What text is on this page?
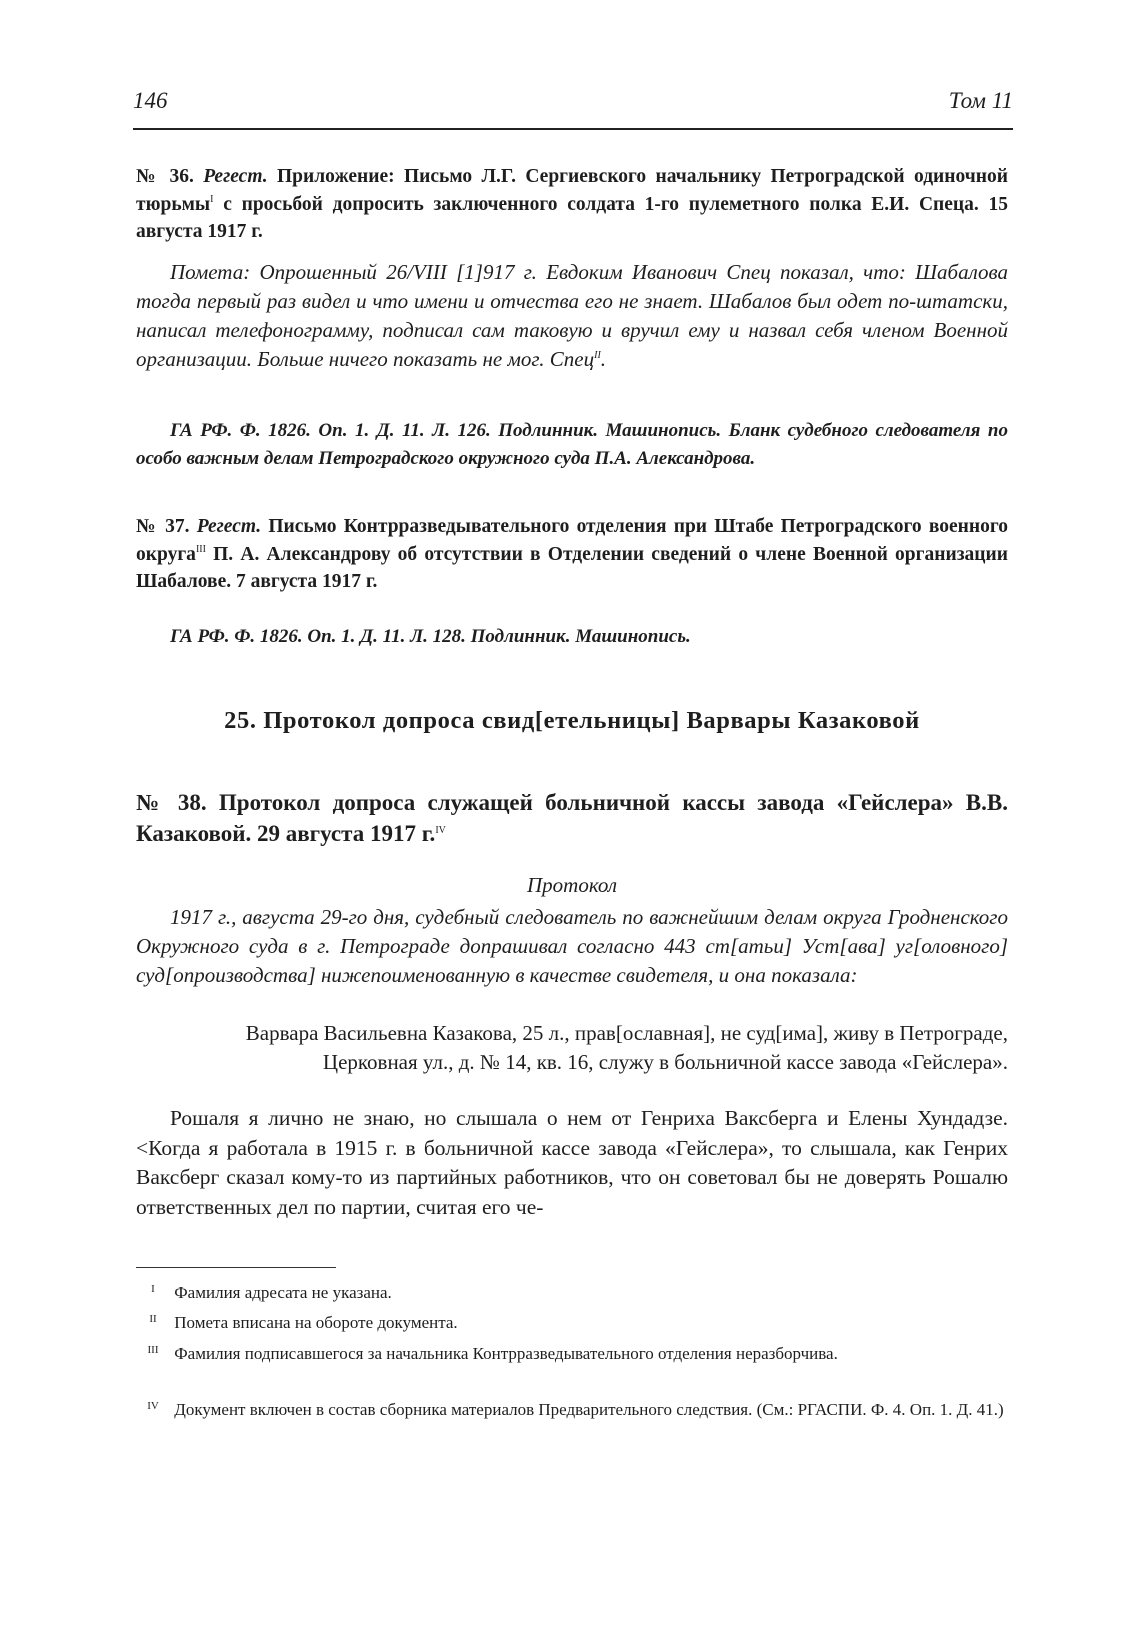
146	Том 11
№ 36. Регест. Приложение: Письмо Л.Г. Сергиевского начальнику Петроградской одиночной тюрьмы$^I$ с просьбой допросить заключенного солдата 1-го пулеметного полка Е.И. Спеца. 15 августа 1917 г.
Помета: Опрошенный 26/VIII [1]917 г. Евдоким Иванович Спец показал, что: Шабалова тогда первый раз видел и что имени и отчества его не знает. Шабалов был одет по-штатски, написал телефонограмму, подписал сам таковую и вручил ему и назвал себя членом Военной организации. Больше ничего показать не мог. Спец$^{II}$.
ГА РФ. Ф. 1826. Оп. 1. Д. 11. Л. 126. Подлинник. Машинопись. Бланк судебного следователя по особо важным делам Петроградского окружного суда П.А. Александрова.
№ 37. Регест. Письмо Контрразведывательного отделения при Штабе Петроградского военного округа$^{III}$ П. А. Александрову об отсутствии в Отделении сведений о члене Военной организации Шабалове. 7 августа 1917 г.
ГА РФ. Ф. 1826. Оп. 1. Д. 11. Л. 128. Подлинник. Машинопись.
25. Протокол допроса свид[етельницы] Варвары Казаковой
№ 38. Протокол допроса служащей больничной кассы завода «Гейслера» В.В. Казаковой. 29 августа 1917 г.$^{IV}$
Протокол
1917 г., августа 29-го дня, судебный следователь по важнейшим делам округа Гродненского Окружного суда в г. Петрограде допрашивал согласно 443 ст[атьи] Уст[ава] уг[оловного] суд[опроизводства] нижепоименованную в качестве свидетеля, и она показала:
Варвара Васильевна Казакова, 25 л., прав[ославная], не суд[има], живу в Петрограде, Церковная ул., д. № 14, кв. 16, служу в больничной кассе завода «Гейслера».
Рошаля я лично не знаю, но слышала о нем от Генриха Ваксберга и Елены Хундадзе. <Когда я работала в 1915 г. в больничной кассе завода «Гейслера», то слышала, как Генрих Ваксберг сказал кому-то из партийных работников, что он советовал бы не доверять Рошалю ответственных дел по партии, считая его че-
I Фамилия адресата не указана.
II Помета вписана на обороте документа.
III Фамилия подписавшегося за начальника Контрразведывательного отделения неразборчива.
IV Документ включен в состав сборника материалов Предварительного следствия. (См.: РГАСПИ. Ф. 4. Оп. 1. Д. 41.)
